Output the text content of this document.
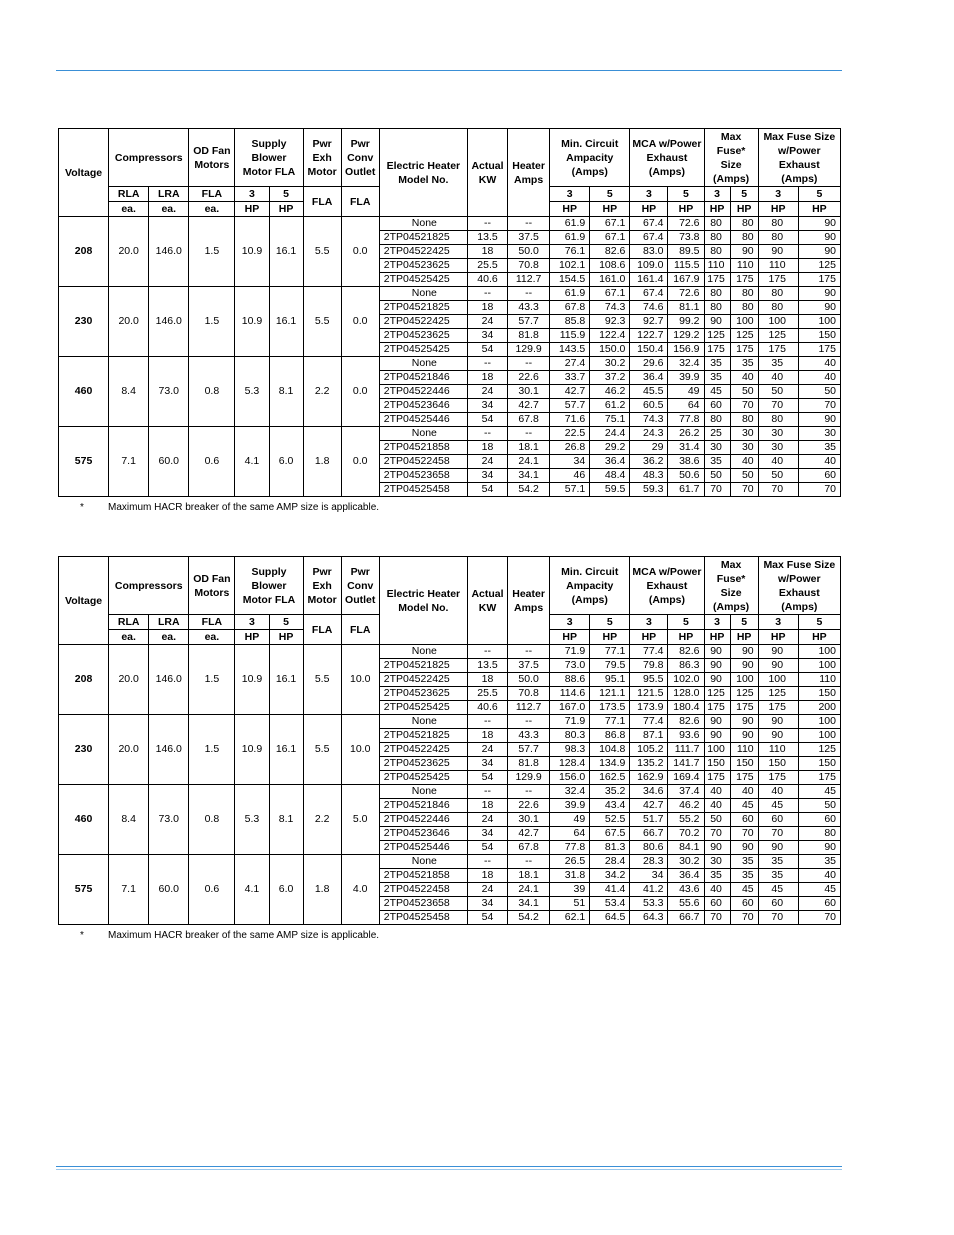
Voltage	Compressors		OD Fan Motors	Supply Blower Motor FLA		Pwr Exh Motor	Pwr Conv Outlet	Electric Heater Model No.	Actual KW	Heater Amps	Min. Circuit Ampacity (Amps)		MCA w/Power Exhaust (Amps)		Max Fuse* Size (Amps)		Max Fuse Size w/Power Exhaust (Amps)	
	RLA	LRA	FLA	3	5	FLA	FLA				3	5	3	5	3	5	3	5
	ea.	ea.	ea.	HP	HP						HP	HP	HP	HP	HP	HP	HP	HP
208	20.0	146.0	1.5	10.9	16.1	5.5	0.0	None	--	--	61.9	67.1	67.4	72.6	80	80	80	90
								2TP04521825	13.5	37.5	61.9	67.1	67.4	73.8	80	80	80	90
								2TP04522425	18	50.0	76.1	82.6	83.0	89.5	80	90	90	90
								2TP04523625	25.5	70.8	102.1	108.6	109.0	115.5	110	110	110	125
								2TP04525425	40.6	112.7	154.5	161.0	161.4	167.9	175	175	175	175
230	20.0	146.0	1.5	10.9	16.1	5.5	0.0	None	--	--	61.9	67.1	67.4	72.6	80	80	80	90
								2TP04521825	18	43.3	67.8	74.3	74.6	81.1	80	80	80	90
								2TP04522425	24	57.7	85.8	92.3	92.7	99.2	90	100	100	100
								2TP04523625	34	81.8	115.9	122.4	122.7	129.2	125	125	125	150
								2TP04525425	54	129.9	143.5	150.0	150.4	156.9	175	175	175	175
460	8.4	73.0	0.8	5.3	8.1	2.2	0.0	None	--	--	27.4	30.2	29.6	32.4	35	35	35	40
								2TP04521846	18	22.6	33.7	37.2	36.4	39.9	35	40	40	40
								2TP04522446	24	30.1	42.7	46.2	45.5	49	45	50	50	50
								2TP04523646	34	42.7	57.7	61.2	60.5	64	60	70	70	70
								2TP04525446	54	67.8	71.6	75.1	74.3	77.8	80	80	80	90
575	7.1	60.0	0.6	4.1	6.0	1.8	0.0	None	--	--	22.5	24.4	24.3	26.2	25	30	30	30
								2TP04521858	18	18.1	26.8	29.2	29	31.4	30	30	30	35
								2TP04522458	24	24.1	34	36.4	36.2	38.6	35	40	40	40
								2TP04523658	34	34.1	46	48.4	48.3	50.6	50	50	50	60
								2TP04525458	54	54.2	57.1	59.5	59.3	61.7	70	70	70	70
* Maximum HACR breaker of the same AMP size is applicable.
Voltage	Compressors		OD Fan Motors	Supply Blower Motor FLA		Pwr Exh Motor	Pwr Conv Outlet	Electric Heater Model No.	Actual KW	Heater Amps	Min. Circuit Ampacity (Amps)		MCA w/Power Exhaust (Amps)		Max Fuse* Size (Amps)		Max Fuse Size w/Power Exhaust (Amps)	
	RLA	LRA	FLA	3	5	FLA	FLA				3	5	3	5	3	5	3	5
	ea.	ea.	ea.	HP	HP						HP	HP	HP	HP	HP	HP	HP	HP
208	20.0	146.0	1.5	10.9	16.1	5.5	10.0	None	--	--	71.9	77.1	77.4	82.6	90	90	90	100
								2TP04521825	13.5	37.5	73.0	79.5	79.8	86.3	90	90	90	100
								2TP04522425	18	50.0	88.6	95.1	95.5	102.0	90	100	100	110
								2TP04523625	25.5	70.8	114.6	121.1	121.5	128.0	125	125	125	150
								2TP04525425	40.6	112.7	167.0	173.5	173.9	180.4	175	175	175	200
230	20.0	146.0	1.5	10.9	16.1	5.5	10.0	None	--	--	71.9	77.1	77.4	82.6	90	90	90	100
								2TP04521825	18	43.3	80.3	86.8	87.1	93.6	90	90	90	100
								2TP04522425	24	57.7	98.3	104.8	105.2	111.7	100	110	110	125
								2TP04523625	34	81.8	128.4	134.9	135.2	141.7	150	150	150	150
								2TP04525425	54	129.9	156.0	162.5	162.9	169.4	175	175	175	175
460	8.4	73.0	0.8	5.3	8.1	2.2	5.0	None	--	--	32.4	35.2	34.6	37.4	40	40	40	45
								2TP04521846	18	22.6	39.9	43.4	42.7	46.2	40	45	45	50
								2TP04522446	24	30.1	49	52.5	51.7	55.2	50	60	60	60
								2TP04523646	34	42.7	64	67.5	66.7	70.2	70	70	70	80
								2TP04525446	54	67.8	77.8	81.3	80.6	84.1	90	90	90	90
575	7.1	60.0	0.6	4.1	6.0	1.8	4.0	None	--	--	26.5	28.4	28.3	30.2	30	35	35	35
								2TP04521858	18	18.1	31.8	34.2	34	36.4	35	35	35	40
								2TP04522458	24	24.1	39	41.4	41.2	43.6	40	45	45	45
								2TP04523658	34	34.1	51	53.4	53.3	55.6	60	60	60	60
								2TP04525458	54	54.2	62.1	64.5	64.3	66.7	70	70	70	70
* Maximum HACR breaker of the same AMP size is applicable.
